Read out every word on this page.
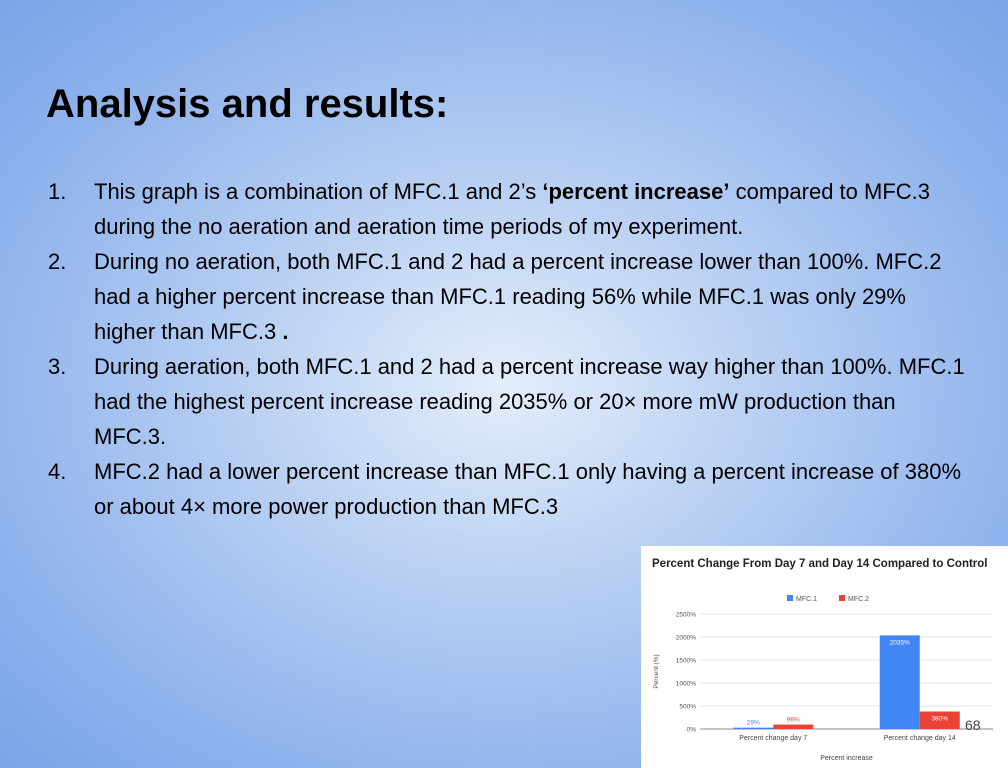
Analysis and results:
1. This graph is a combination of MFC.1 and 2’s ‘percent increase’ compared to MFC.3 during the no aeration and aeration time periods of my experiment.
2. During no aeration, both MFC.1 and 2 had a percent increase lower than 100%. MFC.2 had a higher percent increase than MFC.1 reading 56% while MFC.1 was only 29% higher than MFC.3 .
3. During aeration, both MFC.1 and 2 had a percent increase way higher than 100%. MFC.1 had the highest percent increase reading 2035% or 20× more mW production than MFC.3.
4. MFC.2 had a lower percent increase than MFC.1 only having a percent increase of 380% or about 4× more power production than MFC.3
Percent Change From Day 7 and Day 14 Compared to Control
MFC.1	MFC.2
0%
500%
1000%
1500%
2000%
2500%
Percent (%)
29%	96%
Percent change day 7
2035%
380%
Percent change day 14
Percent increase
68
